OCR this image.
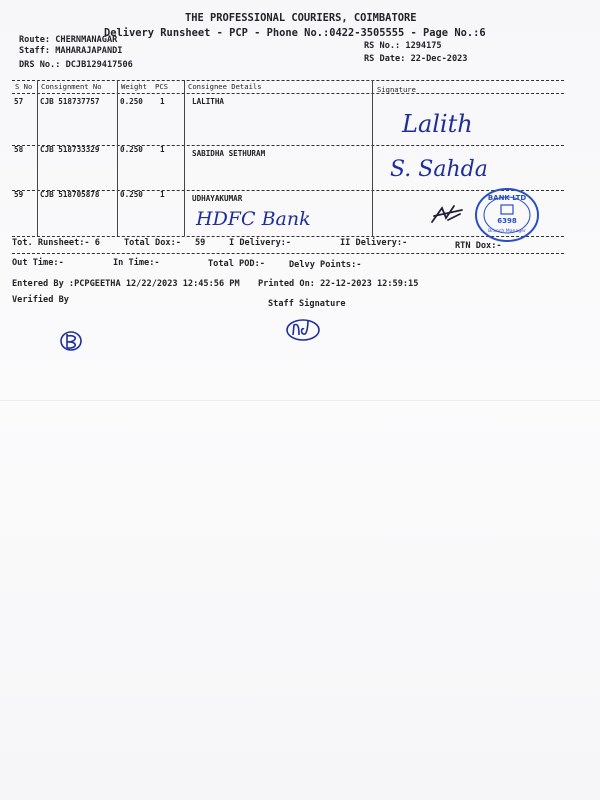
THE PROFESSIONAL COURIERS, COIMBATORE
Delivery Runsheet - PCP - Phone No.:0422-3505555 - Page No.:6
Route: CHERNMANAGAR
Staff: MAHARAJAPANDI
DRS No.: DCJB129417506
RS No.: 1294175
RS Date: 22-Dec-2023
S No Consignment No	Weight PCS	Consignee Details	Signature
57 CJB 518737757	0.250 1	LALITHA
Lalith
58 CJB 518733329	0.250 1	SABIDHA SETHURAM
S. Sahda
59 CJB 518705878	0.250 1	UDHAYAKUMAR
HDFC Bank
BANK LTD
6398
Branch Manager
Tot. Runsheet:- 6	Total Dox:- 59	I Delivery:-	II Delivery:-	RTN Dox:-
Out Time:-	In Time:-	Total POD:-	Delvy Points:-
Entered By :PCPGEETHA 12/22/2023 12:45:56 PM Printed On: 22-12-2023 12:59:15
Verified By	Staff Signature
